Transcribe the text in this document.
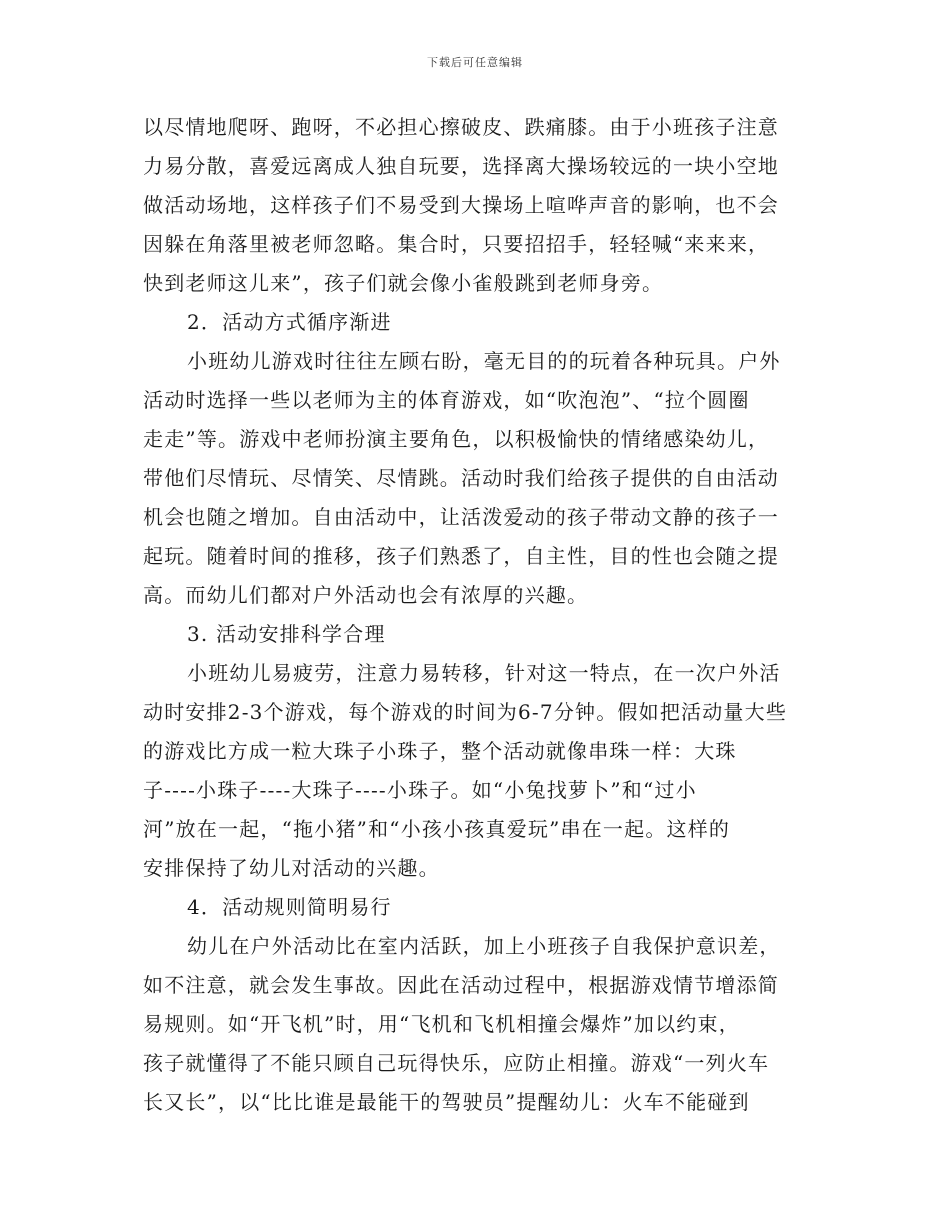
下载后可任意编辑
以尽情地爬呀、跑呀，不必担心擦破皮、跌痛膝。由于小班孩子注意
力易分散，喜爱远离成人独自玩要，选择离大操场较远的一块小空地
做活动场地，这样孩子们不易受到大操场上喧哗声音的影响，也不会
因躲在角落里被老师忽略。集合时，只要招招手，轻轻喊“来来来，
快到老师这儿来”，孩子们就会像小雀般跳到老师身旁。
2．活动方式循序渐进
小班幼儿游戏时往往左顾右盼，毫无目的的玩着各种玩具。户外
活动时选择一些以老师为主的体育游戏，如“吹泡泡”、“拉个圆圈
走走”等。游戏中老师扮演主要角色，以积极愉快的情绪感染幼儿，
带他们尽情玩、尽情笑、尽情跳。活动时我们给孩子提供的自由活动
机会也随之增加。自由活动中，让活泼爱动的孩子带动文静的孩子一
起玩。随着时间的推移，孩子们熟悉了，自主性，目的性也会随之提
高。而幼儿们都对户外活动也会有浓厚的兴趣。
3. 活动安排科学合理
小班幼儿易疲劳，注意力易转移，针对这一特点，在一次户外活
动时安排2-3个游戏，每个游戏的时间为6-7分钟。假如把活动量大些
的游戏比方成一粒大珠子小珠子，整个活动就像串珠一样：大珠
子----小珠子----大珠子----小珠子。如“小兔找萝卜”和“过小
河”放在一起，“拖小猪”和“小孩小孩真爱玩”串在一起。这样的
安排保持了幼儿对活动的兴趣。
4．活动规则简明易行
幼儿在户外活动比在室内活跃，加上小班孩子自我保护意识差，
如不注意，就会发生事故。因此在活动过程中，根据游戏情节增添简
易规则。如“开飞机”时，用“飞机和飞机相撞会爆炸”加以约束，
孩子就懂得了不能只顾自己玩得快乐，应防止相撞。游戏“一列火车
长又长”，以“比比谁是最能干的驾驶员”提醒幼儿：火车不能碰到
